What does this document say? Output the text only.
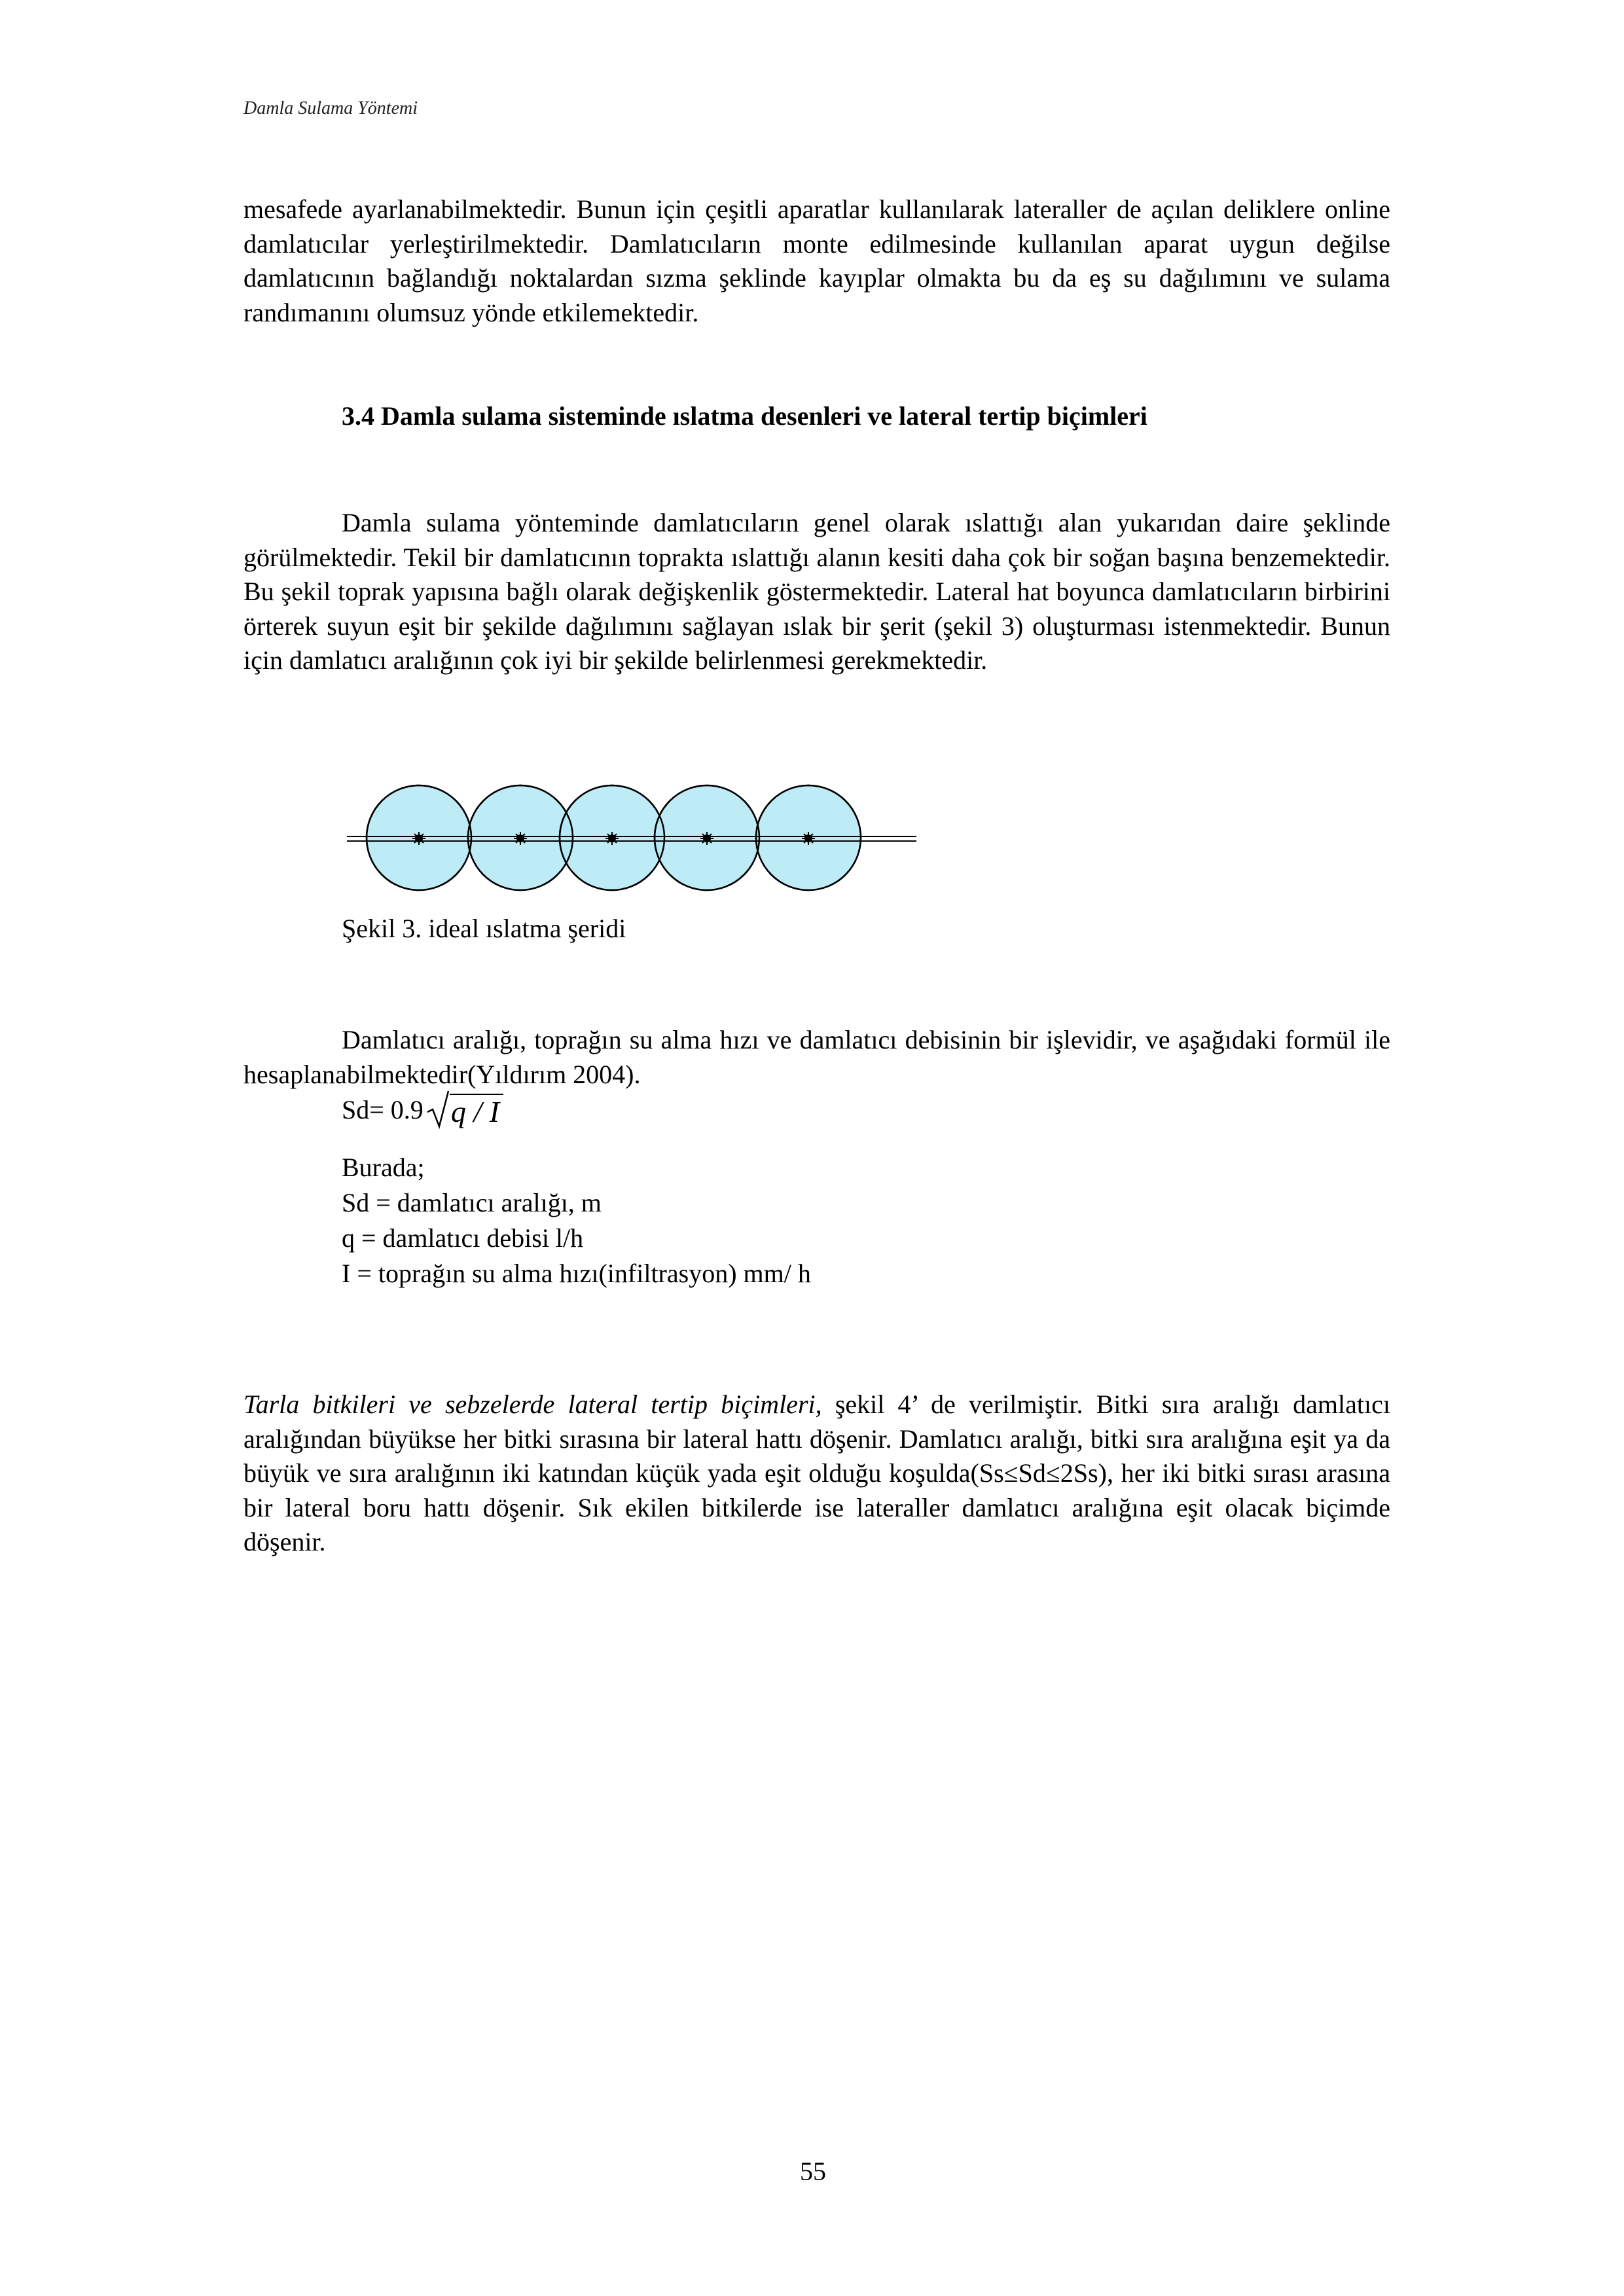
Damla Sulama Yöntemi

mesafede ayarlanabilmektedir. Bunun için çeşitli aparatlar kullanılarak lateraller de açılan deliklere online damlatıcılar yerleştirilmektedir. Damlatıcıların monte edilmesinde kullanılan aparat uygun değilse damlatıcının bağlandığı noktalardan sızma şeklinde kayıplar olmakta bu da eş su dağılımını ve sulama randımanını olumsuz yönde etkilemektedir.

3.4 Damla sulama sisteminde ıslatma desenleri ve lateral tertip biçimleri

Damla sulama yönteminde damlatıcıların genel olarak ıslattığı alan yukarıdan daire şeklinde görülmektedir. Tekil bir damlatıcının toprakta ıslattığı alanın kesiti daha çok bir soğan başına benzemektedir. Bu şekil toprak yapısına bağlı olarak değişkenlik göstermektedir. Lateral hat boyunca damlatıcıların birbirini örterek suyun eşit bir şekilde dağılımını sağlayan ıslak bir şerit (şekil 3) oluşturması istenmektedir. Bunun için damlatıcı aralığının çok iyi bir şekilde belirlenmesi gerekmektedir.

Şekil 3. ideal ıslatma şeridi

Damlatıcı aralığı, toprağın su alma hızı ve damlatıcı debisinin bir işlevidir, ve aşağıdaki formül ile hesaplanabilmektedir(Yıldırım 2004).

Sd= 0.9 q / I
Burada;
Sd = damlatıcı aralığı, m
q = damlatıcı debisi l/h
I = toprağın su alma hızı(infiltrasyon) mm/ h

Tarla bitkileri ve sebzelerde lateral tertip biçimleri, şekil 4’ de verilmiştir. Bitki sıra aralığı damlatıcı aralığından büyükse her bitki sırasına bir lateral hattı döşenir. Damlatıcı aralığı, bitki sıra aralığına eşit ya da büyük ve sıra aralığının iki katından küçük yada eşit olduğu koşulda(Ss≤Sd≤2Ss), her iki bitki sırası arasına bir lateral boru hattı döşenir. Sık ekilen bitkilerde ise lateraller damlatıcı aralığına eşit olacak biçimde döşenir.

55
